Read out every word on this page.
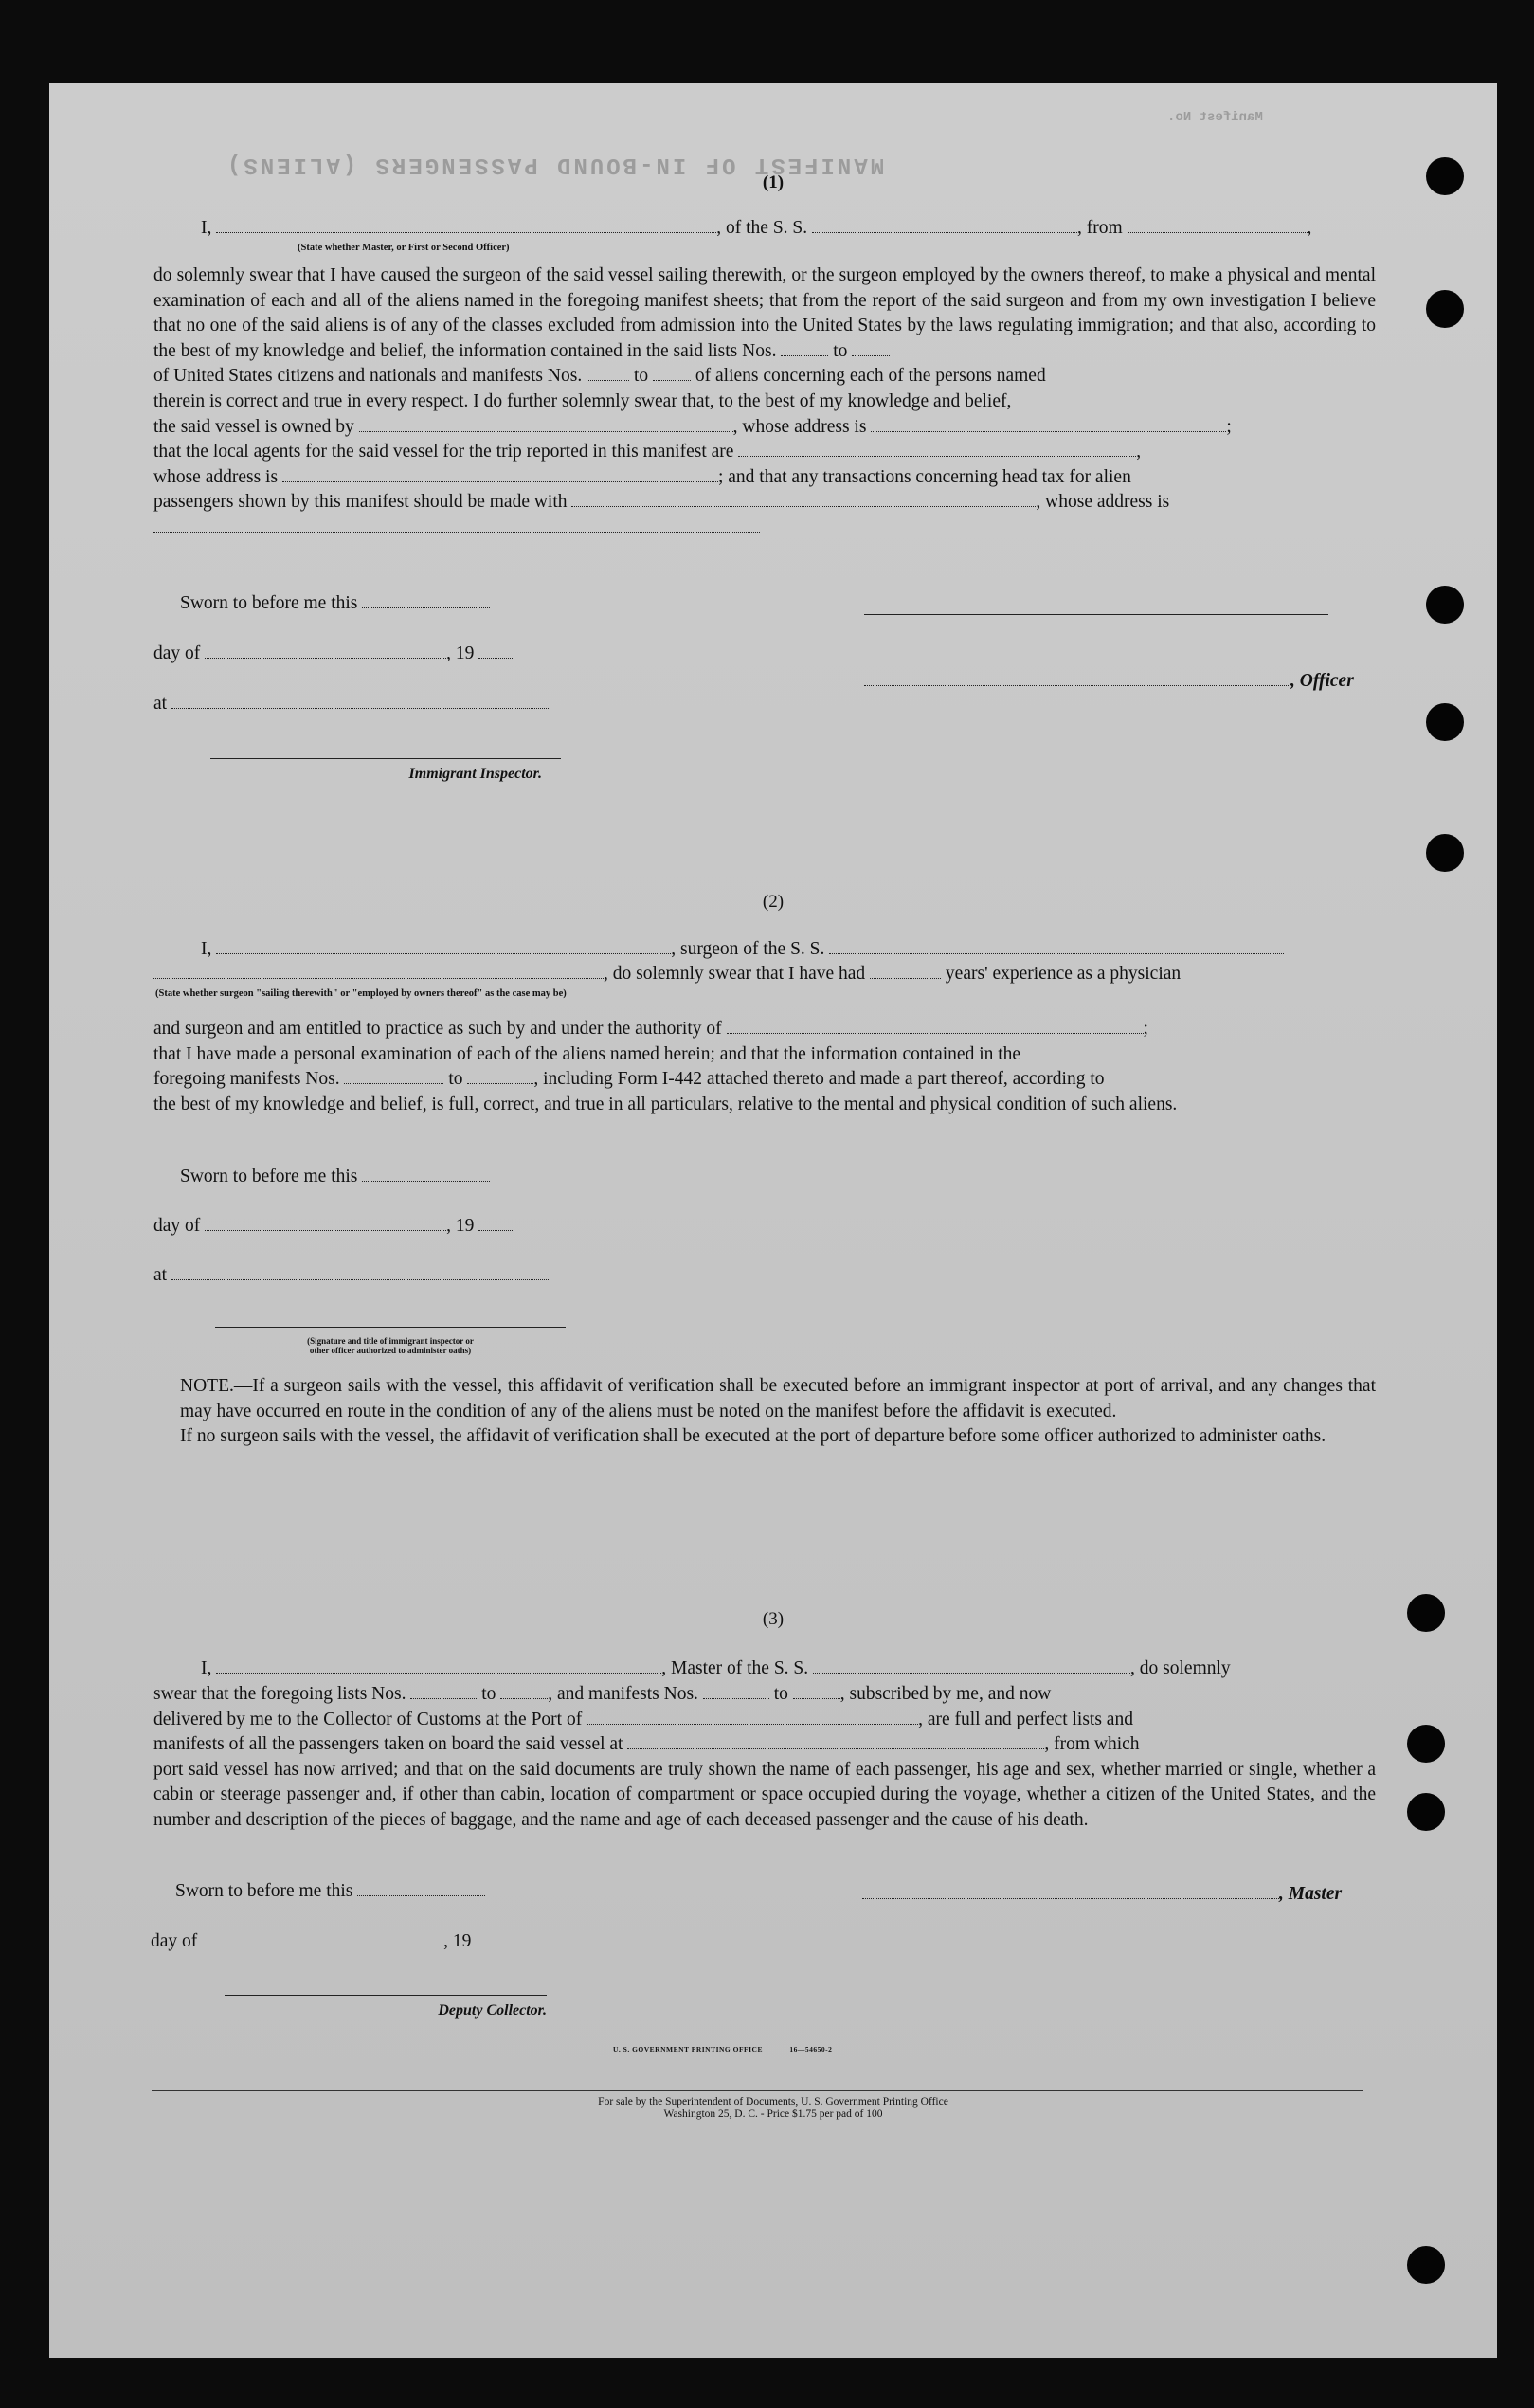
MANIFEST OF IN-BOUND PASSENGERS (ALIENS)
Manifest No.
(1)
I,	, of the S. S.	, from	,
(State whether Master, or First or Second Officer)
do solemnly swear that I have caused the surgeon of the said vessel sailing therewith, or the surgeon employed by the owners thereof, to make a physical and mental examination of each and all of the aliens named in the foregoing manifest sheets; that from the report of the said surgeon and from my own investigation I believe that no one of the said aliens is of any of the classes excluded from admission into the United States by the laws regulating immigration; and that also, according to the best of my knowledge and belief, the information contained in the said lists Nos.	to
of United States citizens and nationals and manifests Nos.	to	of aliens concerning each of the persons named
therein is correct and true in every respect. I do further solemnly swear that, to the best of my knowledge and belief,
the said vessel is owned by	, whose address is	;
that the local agents for the said vessel for the trip reported in this manifest are	,
whose address is	; and that any transactions concerning head tax for alien
passengers shown by this manifest should be made with	, whose address is

Sworn to before me this
day of	, 19
at
Immigrant Inspector.
, Officer
(2)
I,	, surgeon of the S. S.
, do solemnly swear that I have had	years' experience as a physician
(State whether surgeon "sailing therewith" or "employed by owners thereof" as the case may be)
and surgeon and am entitled to practice as such by and under the authority of	;
that I have made a personal examination of each of the aliens named herein; and that the information contained in the
foregoing manifests Nos.	to	, including Form I-442 attached thereto and made a part thereof, according to
the best of my knowledge and belief, is full, correct, and true in all particulars, relative to the mental and physical condition of such aliens.
Sworn to before me this
day of	, 19
at
(Signature and title of immigrant inspector or
other officer authorized to administer oaths)
NOTE.—If a surgeon sails with the vessel, this affidavit of verification shall be executed before an immigrant inspector at port of arrival, and any changes that may have occurred en route in the condition of any of the aliens must be noted on the manifest before the affidavit is executed.
If no surgeon sails with the vessel, the affidavit of verification shall be executed at the port of departure before some officer authorized to administer oaths.
(3)
I,	, Master of the S. S.	, do solemnly
swear that the foregoing lists Nos.	to	, and manifests Nos.	to	, subscribed by me, and now
delivered by me to the Collector of Customs at the Port of	, are full and perfect lists and
manifests of all the passengers taken on board the said vessel at	, from which
port said vessel has now arrived; and that on the said documents are truly shown the name of each passenger, his age and sex, whether married or single, whether a cabin or steerage passenger and, if other than cabin, location of compartment or space occupied during the voyage, whether a citizen of the United States, and the number and description of the pieces of baggage, and the name and age of each deceased passenger and the cause of his death.
Sworn to before me this	, Master
day of	, 19
Deputy Collector.
U. S. GOVERNMENT PRINTING OFFICE	16—54650-2
For sale by the Superintendent of Documents, U. S. Government Printing Office
Washington 25, D. C. - Price $1.75 per pad of 100
